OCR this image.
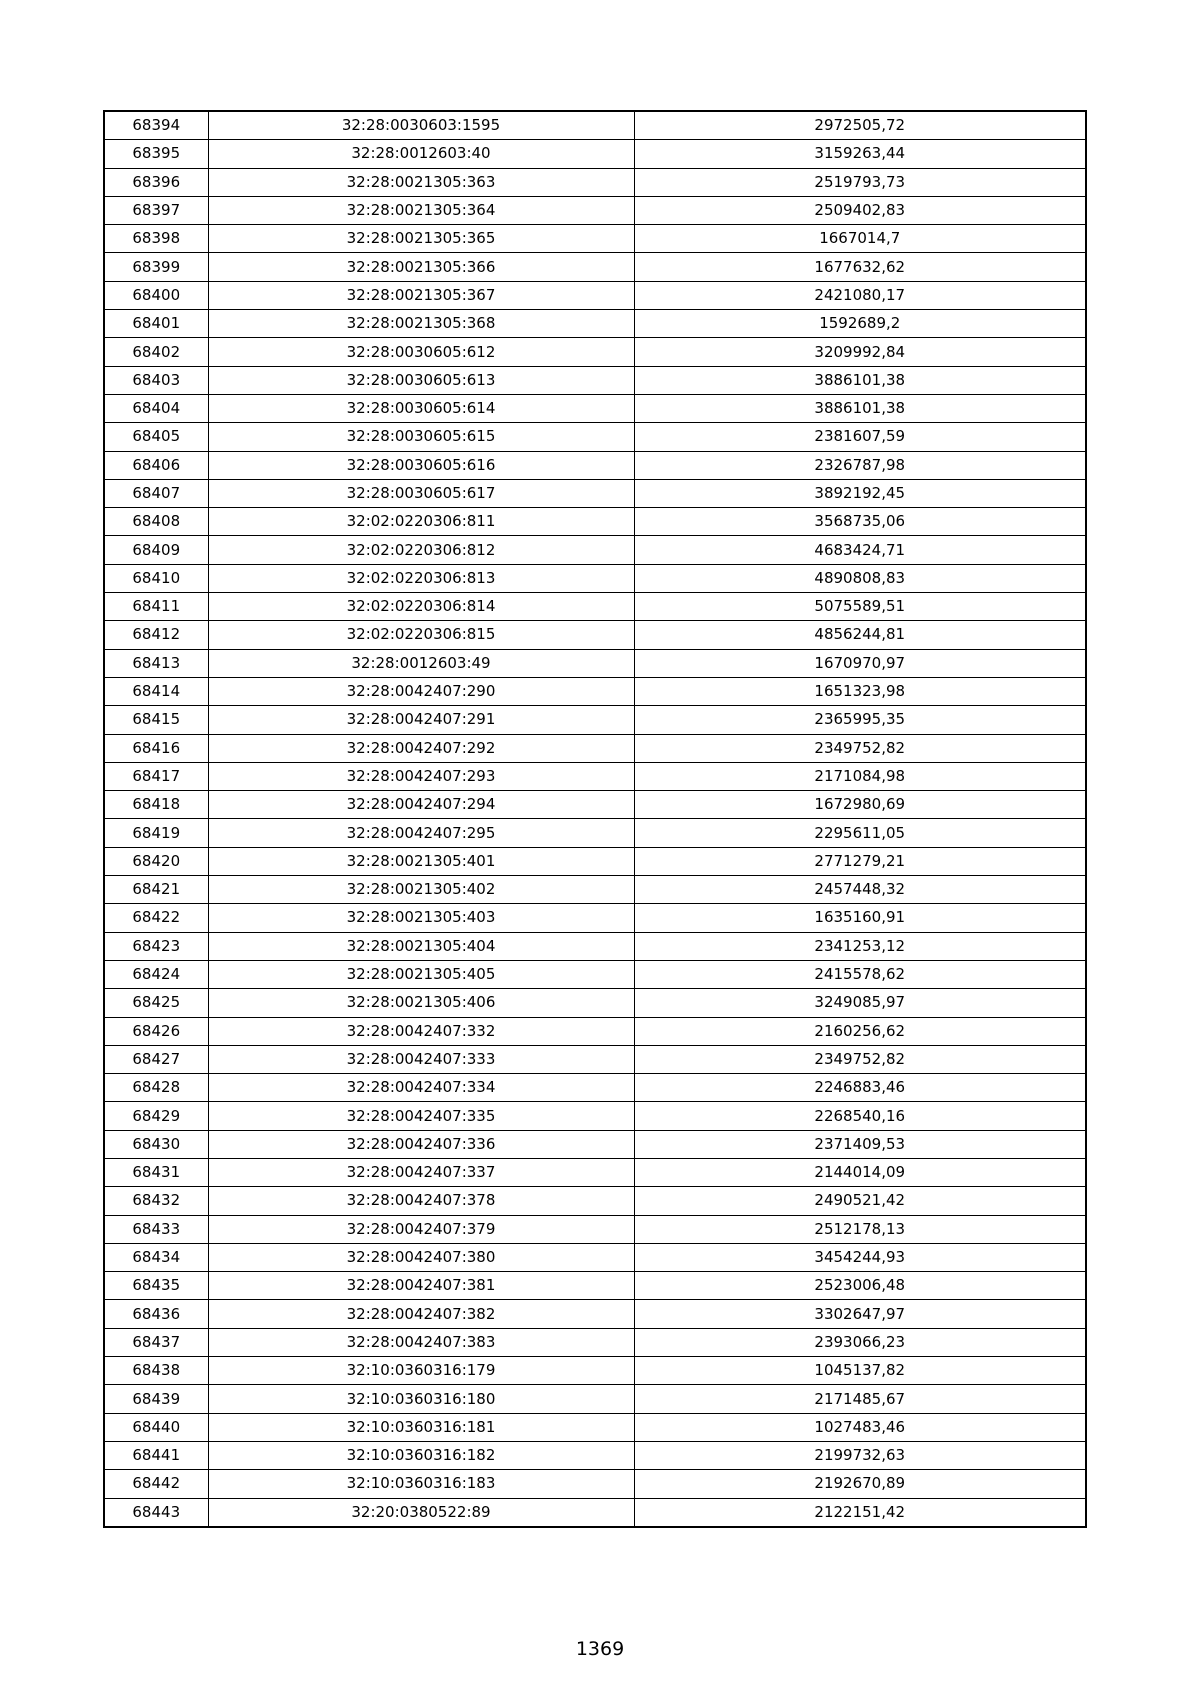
68394	32:28:0030603:1595	2972505,72
68395	32:28:0012603:40	3159263,44
68396	32:28:0021305:363	2519793,73
68397	32:28:0021305:364	2509402,83
68398	32:28:0021305:365	1667014,7
68399	32:28:0021305:366	1677632,62
68400	32:28:0021305:367	2421080,17
68401	32:28:0021305:368	1592689,2
68402	32:28:0030605:612	3209992,84
68403	32:28:0030605:613	3886101,38
68404	32:28:0030605:614	3886101,38
68405	32:28:0030605:615	2381607,59
68406	32:28:0030605:616	2326787,98
68407	32:28:0030605:617	3892192,45
68408	32:02:0220306:811	3568735,06
68409	32:02:0220306:812	4683424,71
68410	32:02:0220306:813	4890808,83
68411	32:02:0220306:814	5075589,51
68412	32:02:0220306:815	4856244,81
68413	32:28:0012603:49	1670970,97
68414	32:28:0042407:290	1651323,98
68415	32:28:0042407:291	2365995,35
68416	32:28:0042407:292	2349752,82
68417	32:28:0042407:293	2171084,98
68418	32:28:0042407:294	1672980,69
68419	32:28:0042407:295	2295611,05
68420	32:28:0021305:401	2771279,21
68421	32:28:0021305:402	2457448,32
68422	32:28:0021305:403	1635160,91
68423	32:28:0021305:404	2341253,12
68424	32:28:0021305:405	2415578,62
68425	32:28:0021305:406	3249085,97
68426	32:28:0042407:332	2160256,62
68427	32:28:0042407:333	2349752,82
68428	32:28:0042407:334	2246883,46
68429	32:28:0042407:335	2268540,16
68430	32:28:0042407:336	2371409,53
68431	32:28:0042407:337	2144014,09
68432	32:28:0042407:378	2490521,42
68433	32:28:0042407:379	2512178,13
68434	32:28:0042407:380	3454244,93
68435	32:28:0042407:381	2523006,48
68436	32:28:0042407:382	3302647,97
68437	32:28:0042407:383	2393066,23
68438	32:10:0360316:179	1045137,82
68439	32:10:0360316:180	2171485,67
68440	32:10:0360316:181	1027483,46
68441	32:10:0360316:182	2199732,63
68442	32:10:0360316:183	2192670,89
68443	32:20:0380522:89	2122151,42
1369
